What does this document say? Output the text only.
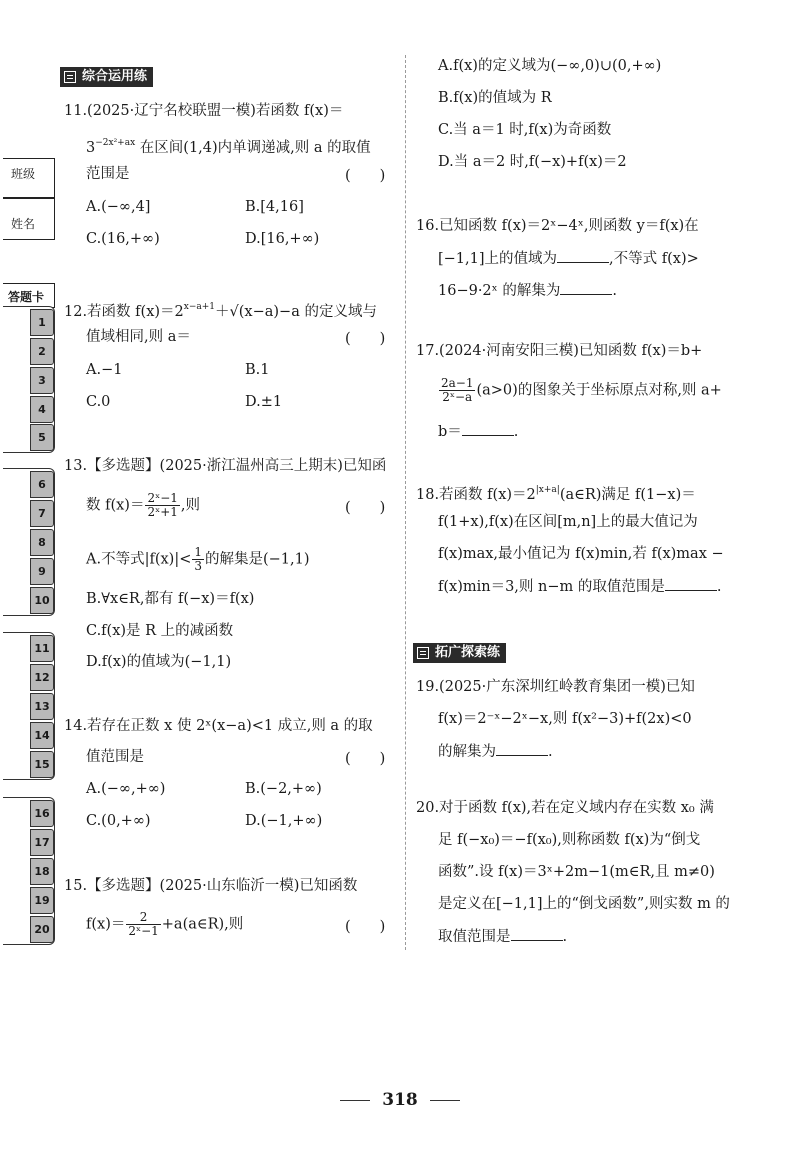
班级
姓名
答题卡
1
2
3
4
5
6
7
8
9
10
11
12
13
14
15
16
17
18
19
20
综合运用练
11.(2025·辽宁名校联盟一模)若函数 f(x)＝
$3^{-2x^2+ax}$ 在区间(1,4)内单调递减,则 a 的取值
范围是	(　　)
A.(−∞,4]	B.[4,16]
C.(16,+∞)	D.[16,+∞)
12.若函数 $f(x)=2^{x-a+1}+√(x-a)-a$ 的定义域与
值域相同,则 a＝	(　　)
A.−1	B.1
C.0	D.±1
13.【多选题】(2025·浙江温州高三上期末)已知函
数 $f(x)= \frac{\text{2ˣ−1}}{\text{2ˣ+1}}$ ,则	(　　)
A.不等式$|f(x)|< \frac{1}{3}$ 的解集是(−1,1)
B.∀x∈R,都有 f(−x)＝f(x)
C.f(x)是 R 上的减函数
D.f(x)的值域为(−1,1)
14.若存在正数 x 使 2ˣ(x−a)<1 成立,则 a 的取
值范围是	(　　)
A.(−∞,+∞)	B.(−2,+∞)
C.(0,+∞)	D.(−1,+∞)
15.【多选题】(2025·山东临沂一模)已知函数
$f(x)= \frac{2}{\text{2ˣ−1}}$ +a(a∈R),则	(　　)
A.f(x)的定义域为(−∞,0)∪(0,+∞)
B.f(x)的值域为 R
C.当 a＝1 时,f(x)为奇函数
D.当 a＝2 时,f(−x)+f(x)＝2
16.已知函数 f(x)＝2ˣ−4ˣ,则函数 y＝f(x)在
[−1,1]上的值域为	,不等式 f(x)>
16−9·2ˣ 的解集为	.
17.(2024·河南安阳三模)已知函数 f(x)＝b+
$\frac{2a-1}{\text{2ˣ−a}} (a>0)$的图象关于坐标原点对称,则 a+
b＝	.
18.若函数 $f(x)=2^{|x+a|}(a\in R)$满足 f(1−x)＝
f(1+x),f(x)在区间[m,n]上的最大值记为
f(x)max,最小值记为 f(x)min,若 f(x)max −
f(x)min＝3,则 n−m 的取值范围是	.
拓广探索练
19.(2025·广东深圳红岭教育集团一模)已知
f(x)＝2⁻ˣ−2ˣ−x,则 f(x²−3)+f(2x)<0
的解集为	.
20.对于函数 f(x),若在定义域内存在实数 x₀ 满
足 f(−x₀)＝−f(x₀),则称函数 f(x)为“倒戈
函数”.设 f(x)＝3ˣ+2m−1(m∈R,且 m≠0)
是定义在[−1,1]上的“倒戈函数”,则实数 m 的
取值范围是	.
318
